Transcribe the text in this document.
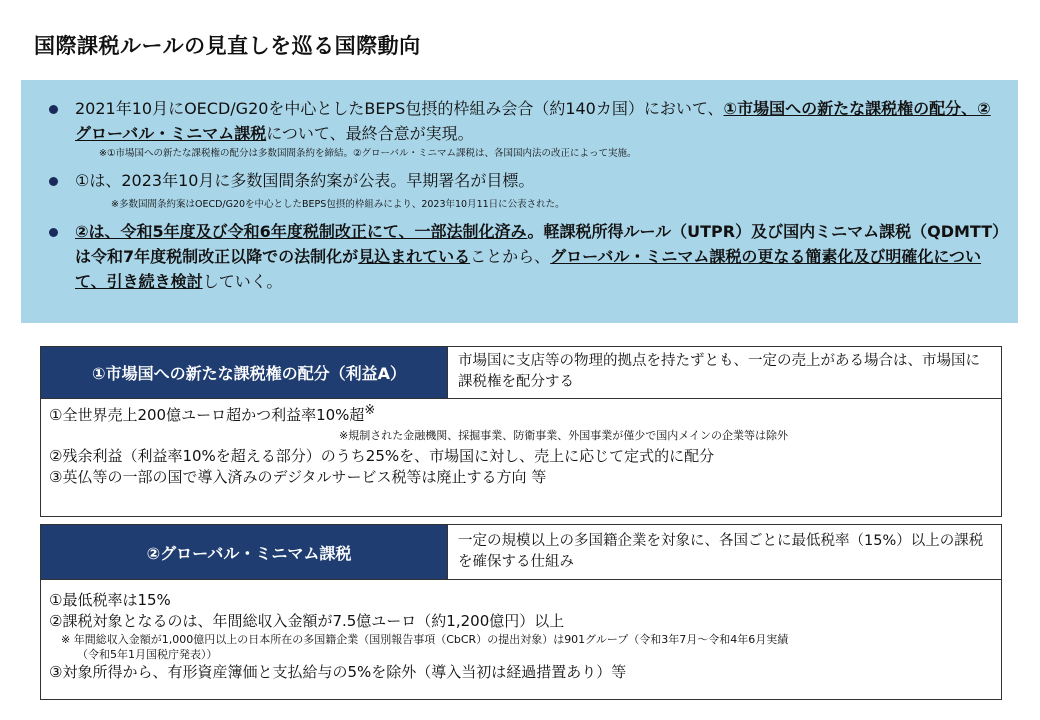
国際課税ルールの見直しを巡る国際動向
2021年10月にOECD/G20を中心としたBEPS包摂的枠組み会合（約140カ国）において、①市場国への新たな課税権の配分、②グローバル・ミニマム課税について、最終合意が実現。
※①市場国への新たな課税権の配分は多数国間条約を締結。②グローバル・ミニマム課税は、各国国内法の改正によって実施。
①は、2023年10月に多数国間条約案が公表。早期署名が目標。
※多数国間条約案はOECD/G20を中心としたBEPS包摂的枠組みにより、2023年10月11日に公表された。
②は、令和5年度及び令和6年度税制改正にて、一部法制化済み。軽課税所得ルール（UTPR）及び国内ミニマム課税（QDMTT）は令和7年度税制改正以降での法制化が見込まれていることから、グローバル・ミニマム課税の更なる簡素化及び明確化について、引き続き検討していく。
①市場国への新たな課税権の配分（利益A）
市場国に支店等の物理的拠点を持たずとも、一定の売上がある場合は、市場国に課税権を配分する
①全世界売上200億ユーロ超かつ利益率10%超※
※規制された金融機関、採掘事業、防衛事業、外国事業が僅少で国内メインの企業等は除外
②残余利益（利益率10%を超える部分）のうち25%を、市場国に対し、売上に応じて定式的に配分
③英仏等の一部の国で導入済みのデジタルサービス税等は廃止する方向 等
②グローバル・ミニマム課税
一定の規模以上の多国籍企業を対象に、各国ごとに最低税率（15%）以上の課税を確保する仕組み
①最低税率は15%
②課税対象となるのは、年間総収入金額が7.5億ユーロ（約1,200億円）以上
※ 年間総収入金額が1,000億円以上の日本所在の多国籍企業（国別報告事項（CbCR）の提出対象）は901グループ（令和3年7月～令和4年6月実績
（令和5年1月国税庁発表））
③対象所得から、有形資産簿価と支払給与の5%を除外（導入当初は経過措置あり）等
